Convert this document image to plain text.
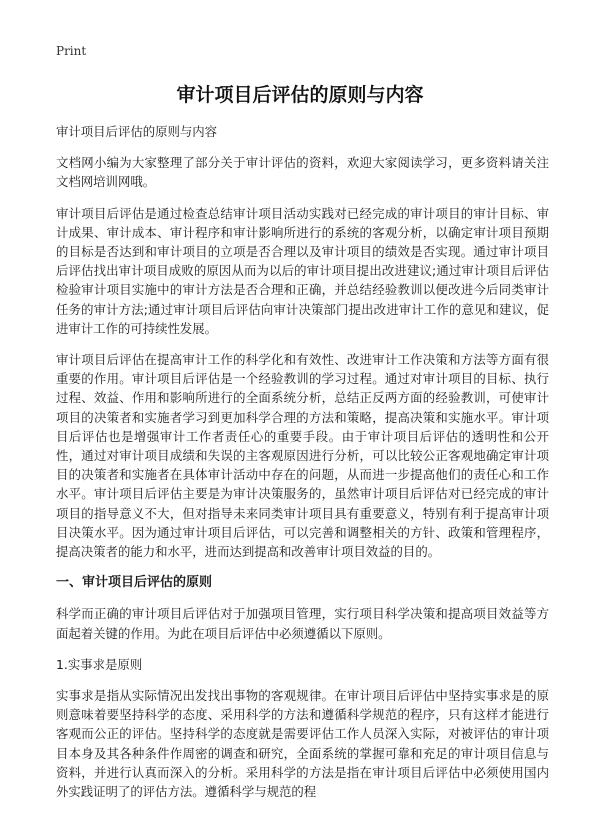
Print
审计项目后评估的原则与内容

审计项目后评估的原则与内容

文档网小编为大家整理了部分关于审计评估的资料，欢迎大家阅读学习，更多资料请关注文档网培训网哦。

审计项目后评估是通过检查总结审计项目活动实践对已经完成的审计项目的审计目标、审计成果、审计成本、审计程序和审计影响所进行的系统的客观分析，以确定审计项目预期的目标是否达到和审计项目的立项是否合理以及审计项目的绩效是否实现。通过审计项目后评估找出审计项目成败的原因从而为以后的审计项目提出改进建议;通过审计项目后评估检验审计项目实施中的审计方法是否合理和正确，并总结经验教训以便改进今后同类审计任务的审计方法;通过审计项目后评估向审计决策部门提出改进审计工作的意见和建议，促进审计工作的可持续性发展。

审计项目后评估在提高审计工作的科学化和有效性、改进审计工作决策和方法等方面有很重要的作用。审计项目后评估是一个经验教训的学习过程。通过对审计项目的目标、执行过程、效益、作用和影响所进行的全面系统分析，总结正反两方面的经验教训，可使审计项目的决策者和实施者学习到更加科学合理的方法和策略，提高决策和实施水平。审计项目后评估也是增强审计工作者责任心的重要手段。由于审计项目后评估的透明性和公开性，通过对审计项目成绩和失误的主客观原因进行分析，可以比较公正客观地确定审计项目的决策者和实施者在具体审计活动中存在的问题，从而进一步提高他们的责任心和工作水平。审计项目后评估主要是为审计决策服务的，虽然审计项目后评估对已经完成的审计项目的指导意义不大，但对指导未来同类审计项目具有重要意义，特别有利于提高审计项目决策水平。因为通过审计项目后评估，可以完善和调整相关的方针、政策和管理程序，提高决策者的能力和水平，进而达到提高和改善审计项目效益的目的。

一、审计项目后评估的原则

科学而正确的审计项目后评估对于加强项目管理，实行项目科学决策和提高项目效益等方面起着关键的作用。为此在项目后评估中必须遵循以下原则。

1.实事求是原则

实事求是指从实际情况出发找出事物的客观规律。在审计项目后评估中坚持实事求是的原则意味着要坚持科学的态度、采用科学的方法和遵循科学规范的程序，只有这样才能进行客观而公正的评估。坚持科学的态度就是需要评估工作人员深入实际，对被评估的审计项目本身及其各种条件作周密的调查和研究，全面系统的掌握可靠和充足的审计项目信息与资料，并进行认真而深入的分析。采用科学的方法是指在审计项目后评估中必须使用国内外实践证明了的评估方法。遵循科学与规范的程
